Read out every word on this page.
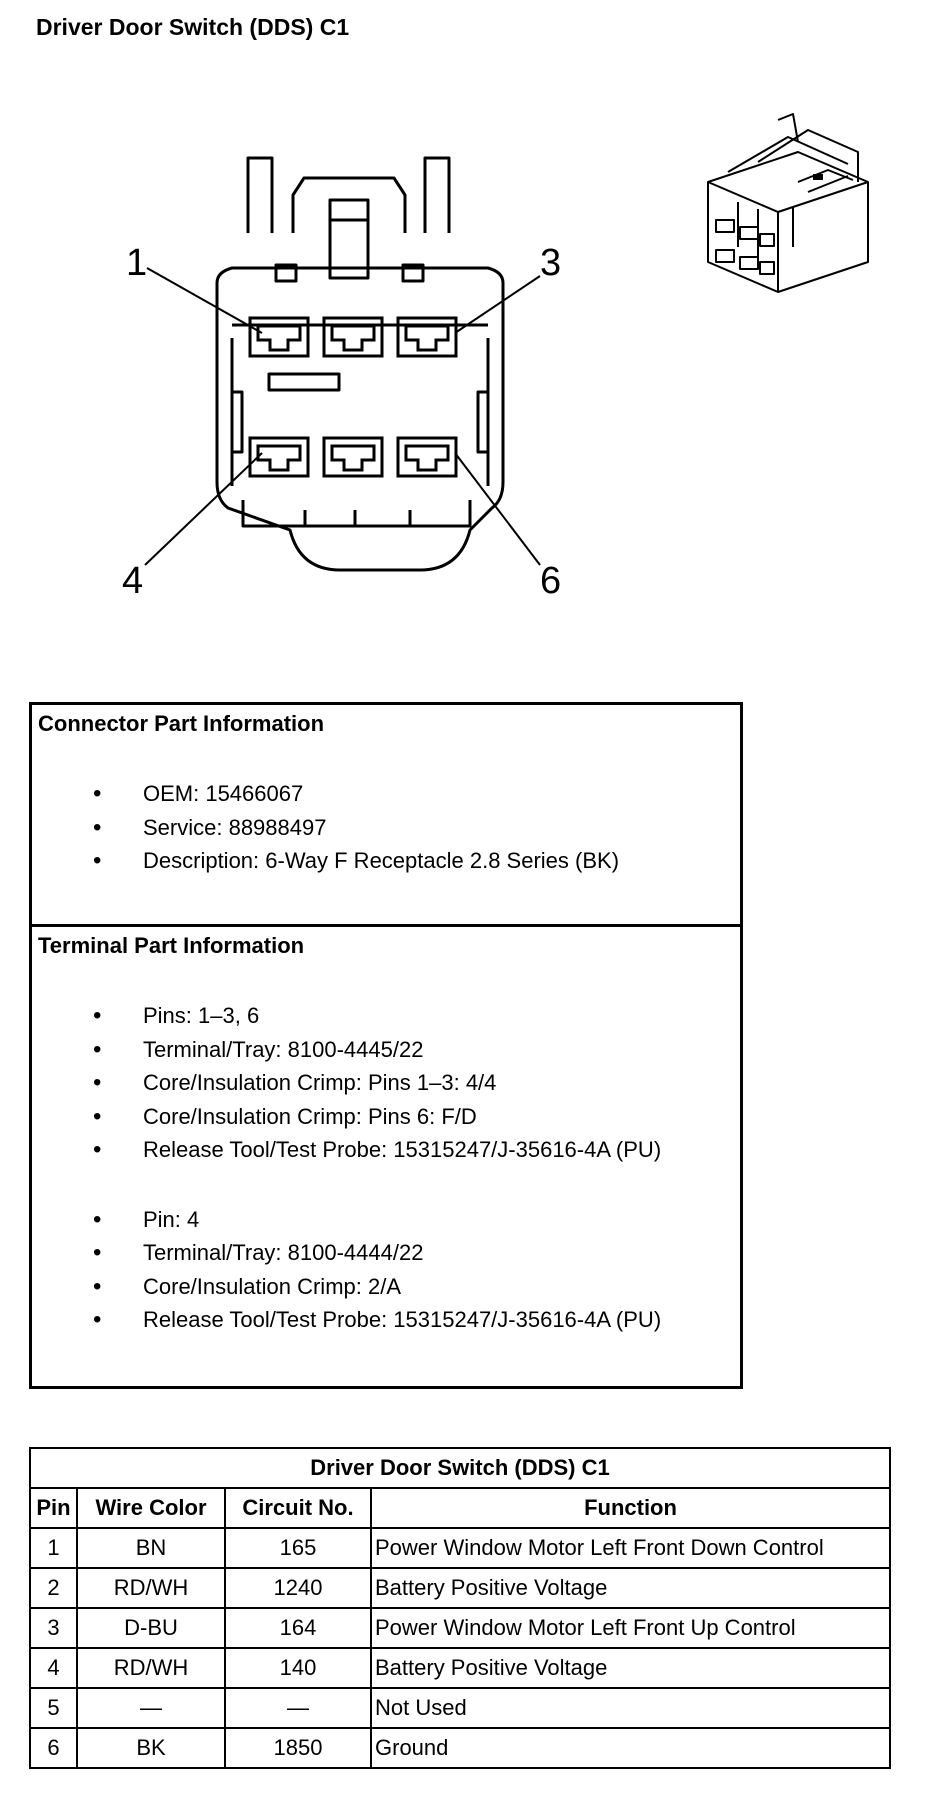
Driver Door Switch (DDS) C1
1	3
4	6

Connector Part Information

• OEM: 15466067
• Service: 88988497
• Description: 6-Way F Receptacle 2.8 Series (BK)

Terminal Part Information

• Pins: 1–3, 6
• Terminal/Tray: 8100-4445/22
• Core/Insulation Crimp: Pins 1–3: 4/4
• Core/Insulation Crimp: Pins 6: F/D
• Release Tool/Test Probe: 15315247/J-35616-4A (PU)
• Pin: 4
• Terminal/Tray: 8100-4444/22
• Core/Insulation Crimp: 2/A
• Release Tool/Test Probe: 15315247/J-35616-4A (PU)
Driver Door Switch (DDS) C1			
Pin	Wire Color	Circuit No.	Function
1	BN	165	Power Window Motor Left Front Down Control
2	RD/WH	1240	Battery Positive Voltage
3	D-BU	164	Power Window Motor Left Front Up Control
4	RD/WH	140	Battery Positive Voltage
5	—	—	Not Used
6	BK	1850	Ground
